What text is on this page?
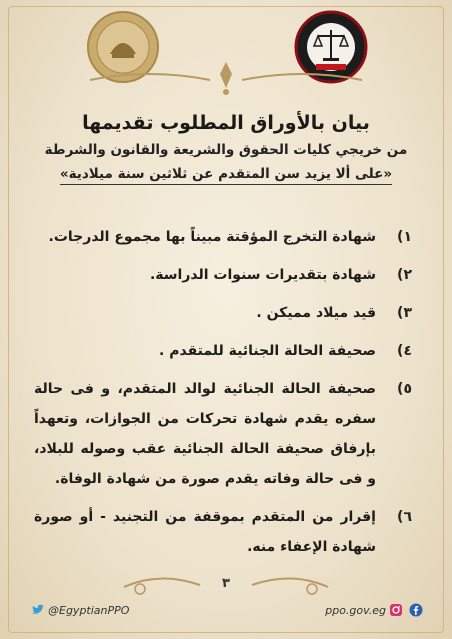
بيان بالأوراق المطلوب تقديمها
من خريجي كليات الحقوق والشريعة والقانون والشرطة
«على ألا يزيد سن المتقدم عن ثلاثين سنة ميلادية»
١)
شهادة التخرج المؤقتة مبيناً بها مجموع الدرجات.
٢)
شهادة بتقديرات سنوات الدراسة.
٣)
قيد ميلاد مميكن .
٤)
صحيفة الحالة الجنائية للمتقدم .
٥)
صحيفة الحالة الجنائية لوالد المتقدم، و فى حالة سفره يقدم شهادة تحركات من الجوازات، وتعهداً بإرفاق صحيفة الحالة الجنائية عقب وصوله للبلاد، و فى حالة وفاته يقدم صورة من شهادة الوفاة.
٦)
إقرار من المتقدم بموقفة من التجنيد - أو صورة شهادة الإعفاء منه.
٣
@EgyptianPPO	ppo.gov.eg
